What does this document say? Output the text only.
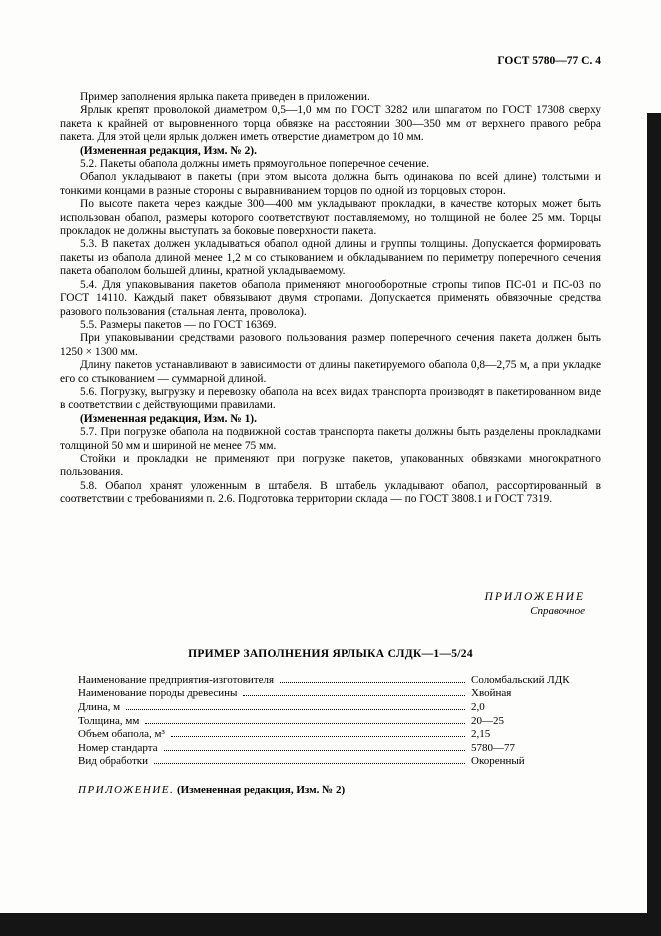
ГОСТ 5780—77 С. 4

Пример заполнения ярлыка пакета приведен в приложении.

Ярлык крепят проволокой диаметром 0,5—1,0 мм по ГОСТ 3282 или шпагатом по ГОСТ 17308 сверху пакета к крайней от выровненного торца обвязке на расстоянии 300—350 мм от верхнего правого ребра пакета. Для этой цели ярлык должен иметь отверстие диаметром до 10 мм.

(Измененная редакция, Изм. № 2).

5.2. Пакеты обапола должны иметь прямоугольное поперечное сечение.

Обапол укладывают в пакеты (при этом высота должна быть одинакова по всей длине) толстыми и тонкими концами в разные стороны с выравниванием торцов по одной из торцовых сторон.

По высоте пакета через каждые 300—400 мм укладывают прокладки, в качестве которых может быть использован обапол, размеры которого соответствуют поставляемому, но толщиной не более 25 мм. Торцы прокладок не должны выступать за боковые поверхности пакета.

5.3. В пакетах должен укладываться обапол одной длины и группы толщины. Допускается формировать пакеты из обапола длиной менее 1,2 м со стыкованием и обкладыванием по периметру поперечного сечения пакета обаполом большей длины, кратной укладываемому.

5.4. Для упаковывания пакетов обапола применяют многооборотные стропы типов ПС-01 и ПС-03 по ГОСТ 14110. Каждый пакет обвязывают двумя стропами. Допускается применять обвязочные средства разового пользования (стальная лента, проволока).

5.5. Размеры пакетов — по ГОСТ 16369.

При упаковывании средствами разового пользования размер поперечного сечения пакета должен быть 1250 × 1300 мм.

Длину пакетов устанавливают в зависимости от длины пакетируемого обапола 0,8—2,75 м, а при укладке его со стыкованием — суммарной длиной.

5.6. Погрузку, выгрузку и перевозку обапола на всех видах транспорта производят в пакетированном виде в соответствии с действующими правилами.

(Измененная редакция, Изм. № 1).

5.7. При погрузке обапола на подвижной состав транспорта пакеты должны быть разделены прокладками толщиной 50 мм и шириной не менее 75 мм.

Стойки и прокладки не применяют при погрузке пакетов, упакованных обвязками многократного пользования.

5.8. Обапол хранят уложенным в штабеля. В штабель укладывают обапол, рассортированный в соответствии с требованиями п. 2.6. Подготовка территории склада — по ГОСТ 3808.1 и ГОСТ 7319.

ПРИЛОЖЕНИЕ
Справочное

ПРИМЕР ЗАПОЛНЕНИЯ ЯРЛЫКА СЛДК—1—5/24

Наименование предприятия-изготовителя	Соломбальский ЛДК
Наименование породы древесины	Хвойная
Длина, м	2,0
Толщина, мм	20—25
Объем обапола, м³	2,15
Номер стандарта	5780—77
Вид обработки	Окоренный

ПРИЛОЖЕНИЕ. (Измененная редакция, Изм. № 2)
